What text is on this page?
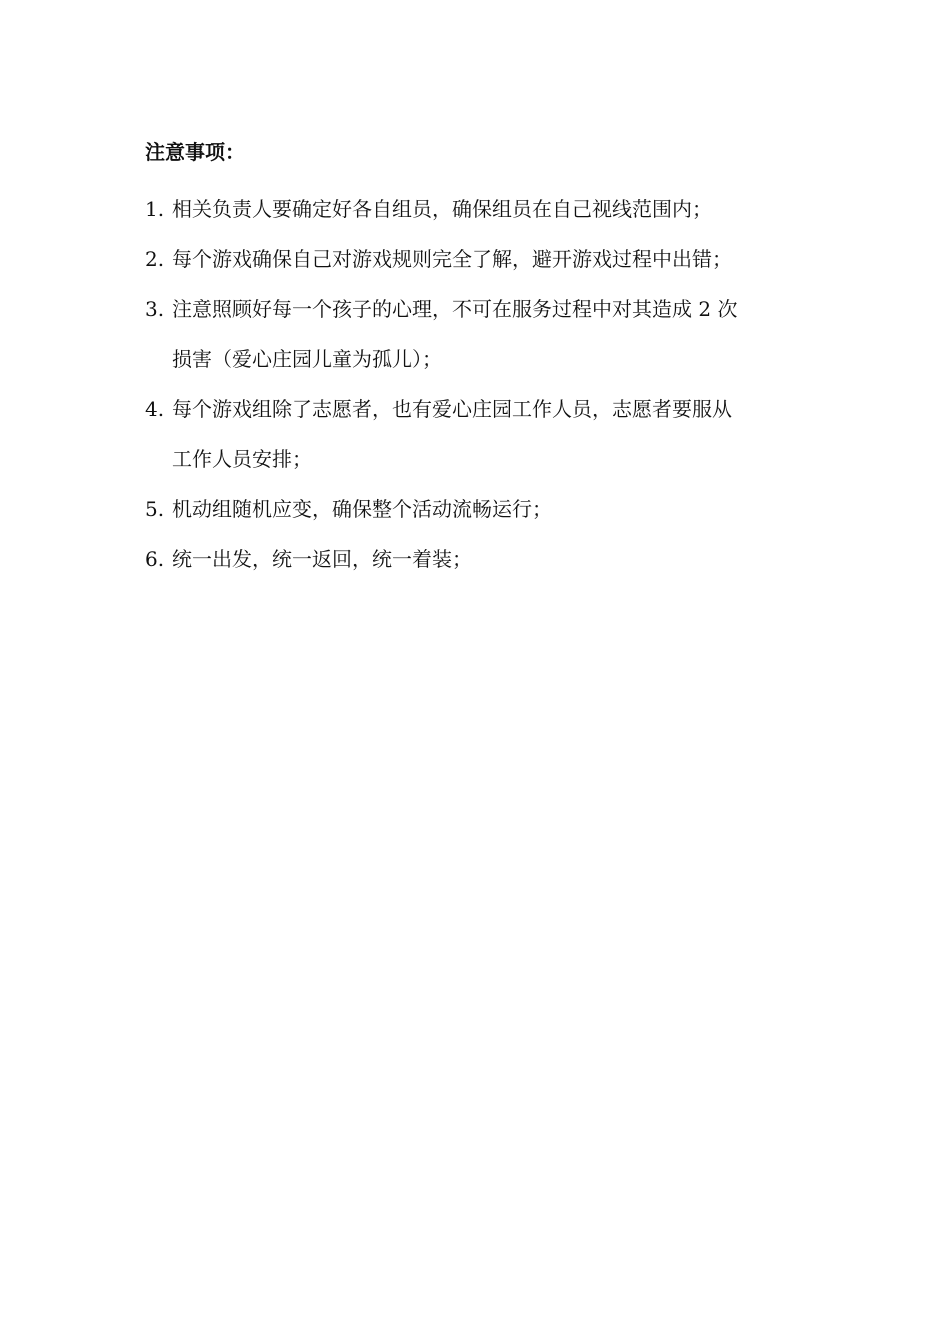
注意事项：
1. 相关负责人要确定好各自组员，确保组员在自己视线范围内；
2. 每个游戏确保自己对游戏规则完全了解，避开游戏过程中出错；
3. 注意照顾好每一个孩子的心理，不可在服务过程中对其造成 2 次
损害（爱心庄园儿童为孤儿）；
4. 每个游戏组除了志愿者，也有爱心庄园工作人员，志愿者要服从
工作人员安排；
5. 机动组随机应变，确保整个活动流畅运行；
6. 统一出发，统一返回，统一着装；
